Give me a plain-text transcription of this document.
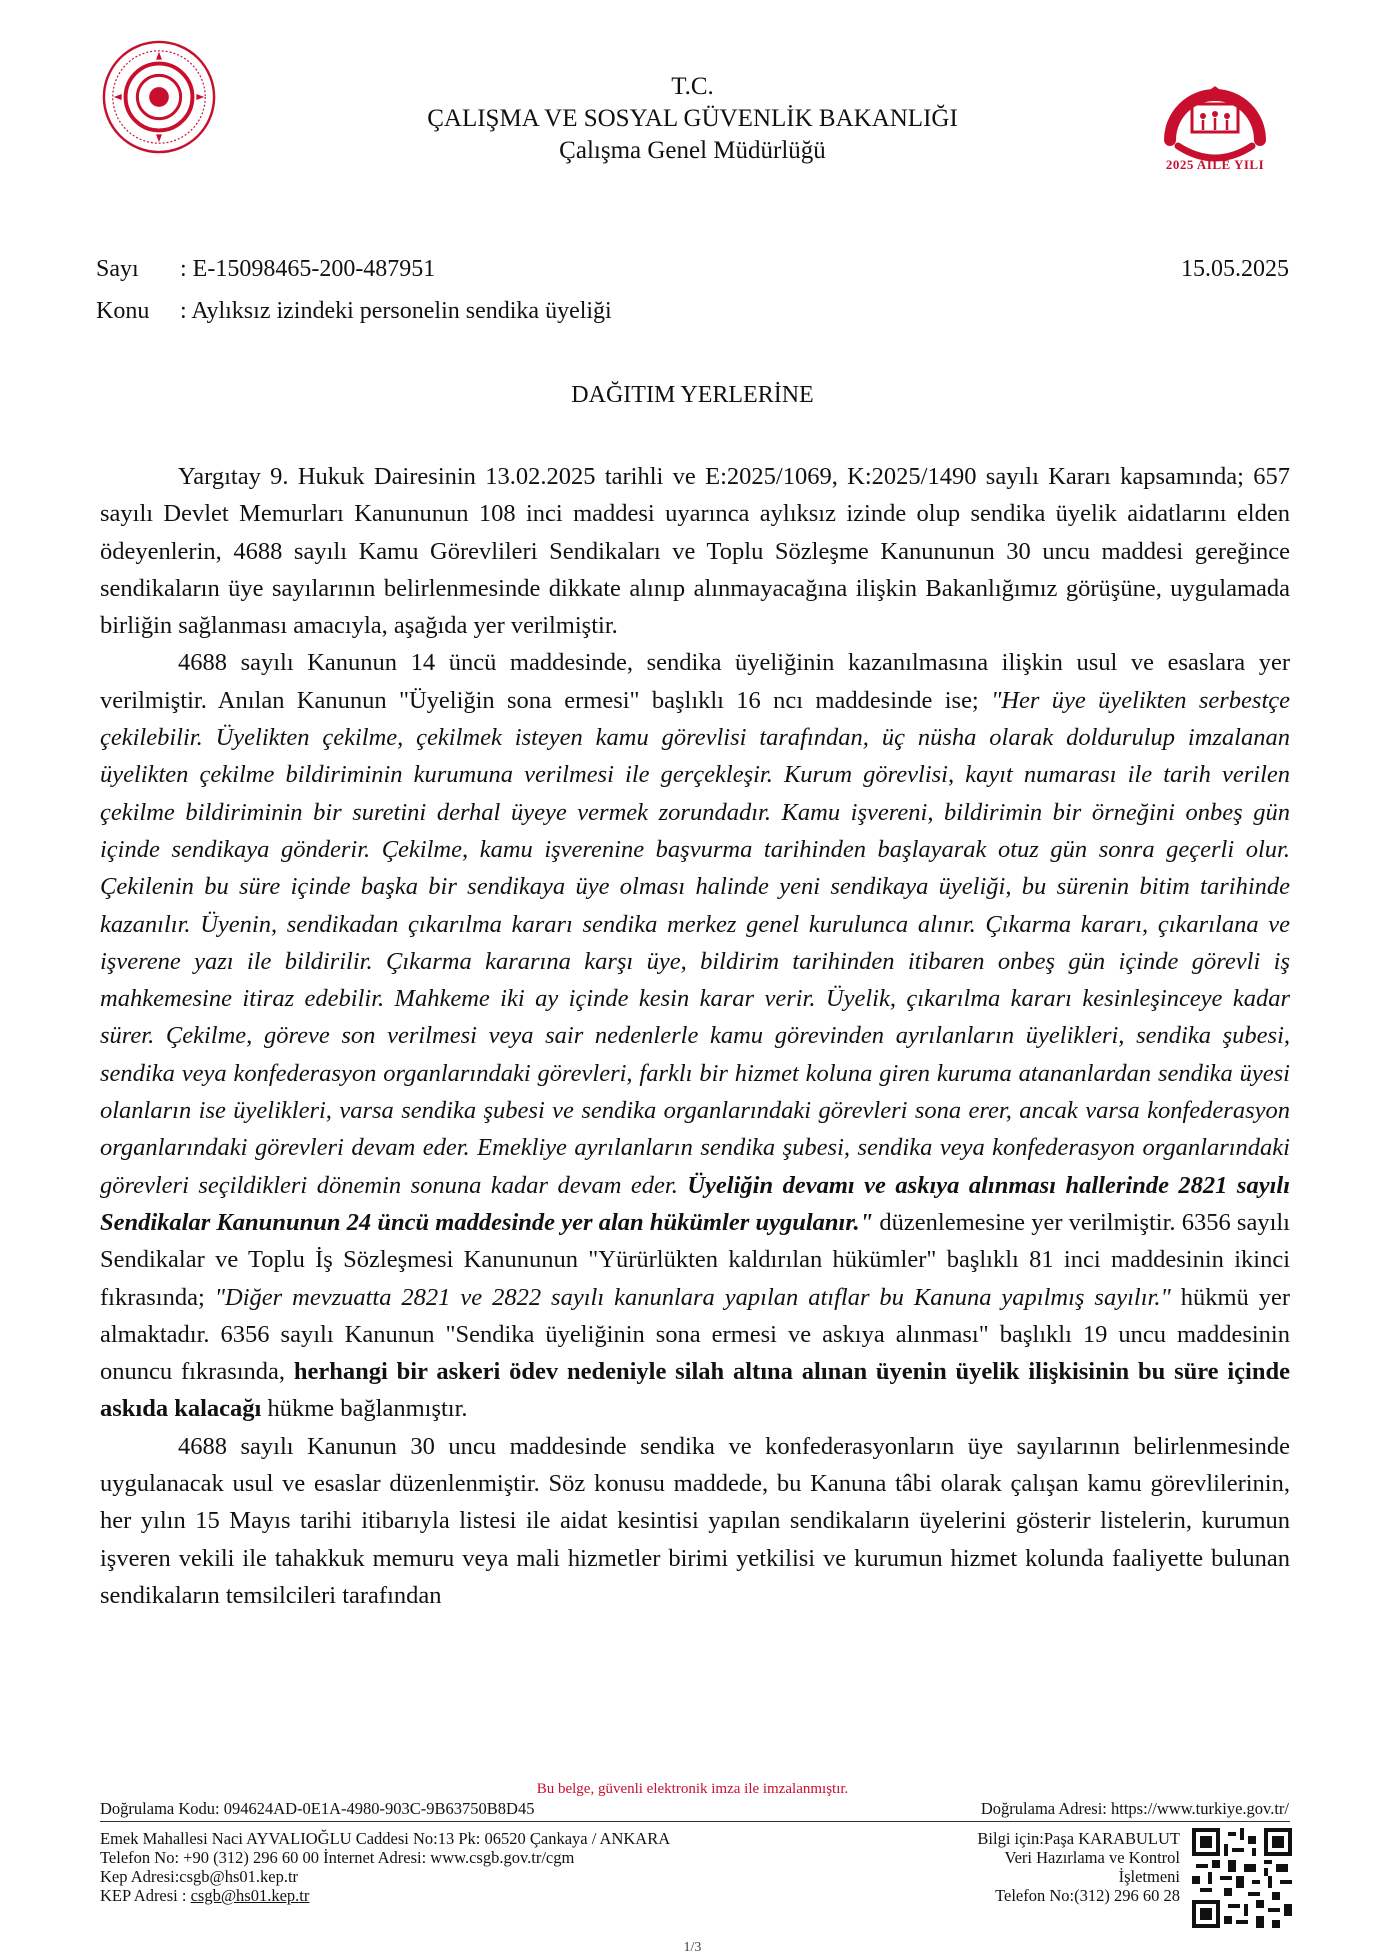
2025 AİLE YILI
T.C.
ÇALIŞMA VE SOSYAL GÜVENLİK BAKANLIĞI
Çalışma Genel Müdürlüğü
Sayı : E-15098465-200-487951	15.05.2025
Konu : Aylıksız izindeki personelin sendika üyeliği
DAĞITIM YERLERİNE

Yargıtay 9. Hukuk Dairesinin 13.02.2025 tarihli ve E:2025/1069, K:2025/1490 sayılı Kararı kapsamında; 657 sayılı Devlet Memurları Kanununun 108 inci maddesi uyarınca aylıksız izinde olup sendika üyelik aidatlarını elden ödeyenlerin, 4688 sayılı Kamu Görevlileri Sendikaları ve Toplu Sözleşme Kanununun 30 uncu maddesi gereğince sendikaların üye sayılarının belirlenmesinde dikkate alınıp alınmayacağına ilişkin Bakanlığımız görüşüne, uygulamada birliğin sağlanması amacıyla, aşağıda yer verilmiştir.

4688 sayılı Kanunun 14 üncü maddesinde, sendika üyeliğinin kazanılmasına ilişkin usul ve esaslara yer verilmiştir. Anılan Kanunun "Üyeliğin sona ermesi" başlıklı 16 ncı maddesinde ise; "Her üye üyelikten serbestçe çekilebilir. Üyelikten çekilme, çekilmek isteyen kamu görevlisi tarafından, üç nüsha olarak doldurulup imzalanan üyelikten çekilme bildiriminin kurumuna verilmesi ile gerçekleşir. Kurum görevlisi, kayıt numarası ile tarih verilen çekilme bildiriminin bir suretini derhal üyeye vermek zorundadır. Kamu işvereni, bildirimin bir örneğini onbeş gün içinde sendikaya gönderir. Çekilme, kamu işverenine başvurma tarihinden başlayarak otuz gün sonra geçerli olur. Çekilenin bu süre içinde başka bir sendikaya üye olması halinde yeni sendikaya üyeliği, bu sürenin bitim tarihinde kazanılır. Üyenin, sendikadan çıkarılma kararı sendika merkez genel kurulunca alınır. Çıkarma kararı, çıkarılana ve işverene yazı ile bildirilir. Çıkarma kararına karşı üye, bildirim tarihinden itibaren onbeş gün içinde görevli iş mahkemesine itiraz edebilir. Mahkeme iki ay içinde kesin karar verir. Üyelik, çıkarılma kararı kesinleşinceye kadar sürer. Çekilme, göreve son verilmesi veya sair nedenlerle kamu görevinden ayrılanların üyelikleri, sendika şubesi, sendika veya konfederasyon organlarındaki görevleri, farklı bir hizmet koluna giren kuruma atananlardan sendika üyesi olanların ise üyelikleri, varsa sendika şubesi ve sendika organlarındaki görevleri sona erer, ancak varsa konfederasyon organlarındaki görevleri devam eder. Emekliye ayrılanların sendika şubesi, sendika veya konfederasyon organlarındaki görevleri seçildikleri dönemin sonuna kadar devam eder. Üyeliğin devamı ve askıya alınması hallerinde 2821 sayılı Sendikalar Kanununun 24 üncü maddesinde yer alan hükümler uygulanır." düzenlemesine yer verilmiştir. 6356 sayılı Sendikalar ve Toplu İş Sözleşmesi Kanununun "Yürürlükten kaldırılan hükümler" başlıklı 81 inci maddesinin ikinci fıkrasında; "Diğer mevzuatta 2821 ve 2822 sayılı kanunlara yapılan atıflar bu Kanuna yapılmış sayılır." hükmü yer almaktadır. 6356 sayılı Kanunun "Sendika üyeliğinin sona ermesi ve askıya alınması" başlıklı 19 uncu maddesinin onuncu fıkrasında, herhangi bir askeri ödev nedeniyle silah altına alınan üyenin üyelik ilişkisinin bu süre içinde askıda kalacağı hükme bağlanmıştır.

4688 sayılı Kanunun 30 uncu maddesinde sendika ve konfederasyonların üye sayılarının belirlenmesinde uygulanacak usul ve esaslar düzenlenmiştir. Söz konusu maddede, bu Kanuna tâbi olarak çalışan kamu görevlilerinin, her yılın 15 Mayıs tarihi itibarıyla listesi ile aidat kesintisi yapılan sendikaların üyelerini gösterir listelerin, kurumun işveren vekili ile tahakkuk memuru veya mali hizmetler birimi yetkilisi ve kurumun hizmet kolunda faaliyette bulunan sendikaların temsilcileri tarafından

Bu belge, güvenli elektronik imza ile imzalanmıştır.
Doğrulama Kodu: 094624AD-0E1A-4980-903C-9B63750B8D45	Doğrulama Adresi: https://www.turkiye.gov.tr/
Emek Mahallesi Naci AYVALIOĞLU Caddesi No:13 Pk: 06520 Çankaya / ANKARA
Telefon No: +90 (312) 296 60 00 İnternet Adresi: www.csgb.gov.tr/cgm
Kep Adresi:csgb@hs01.kep.tr
KEP Adresi : csgb@hs01.kep.tr
Bilgi için:Paşa KARABULUT
Veri Hazırlama ve Kontrol
İşletmeni
Telefon No:(312) 296 60 28
1/3
